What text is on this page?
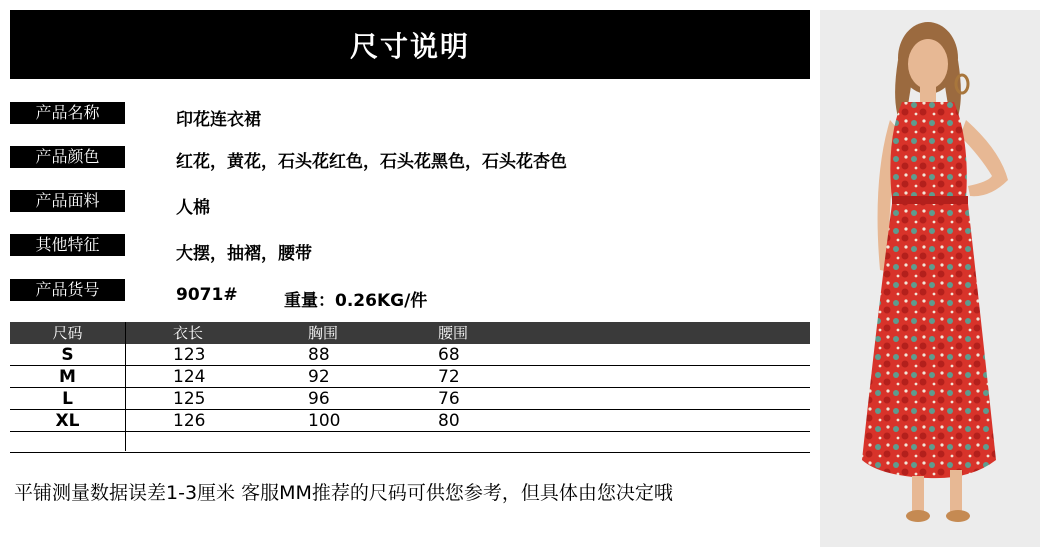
尺寸说明
产品名称	印花连衣裙
产品颜色	红花，黄花，石头花红色，石头花黑色，石头花杏色
产品面料	人棉
其他特征	大摆，抽褶，腰带
产品货号	9071#	重量：0.26KG/件
尺码	衣长	胸围	腰围
S	123	88	68
M	124	92	72
L	125	96	76
XL	126	100	80
平铺测量数据误差1-3厘米 客服MM推荐的尺码可供您参考，但具体由您决定哦
